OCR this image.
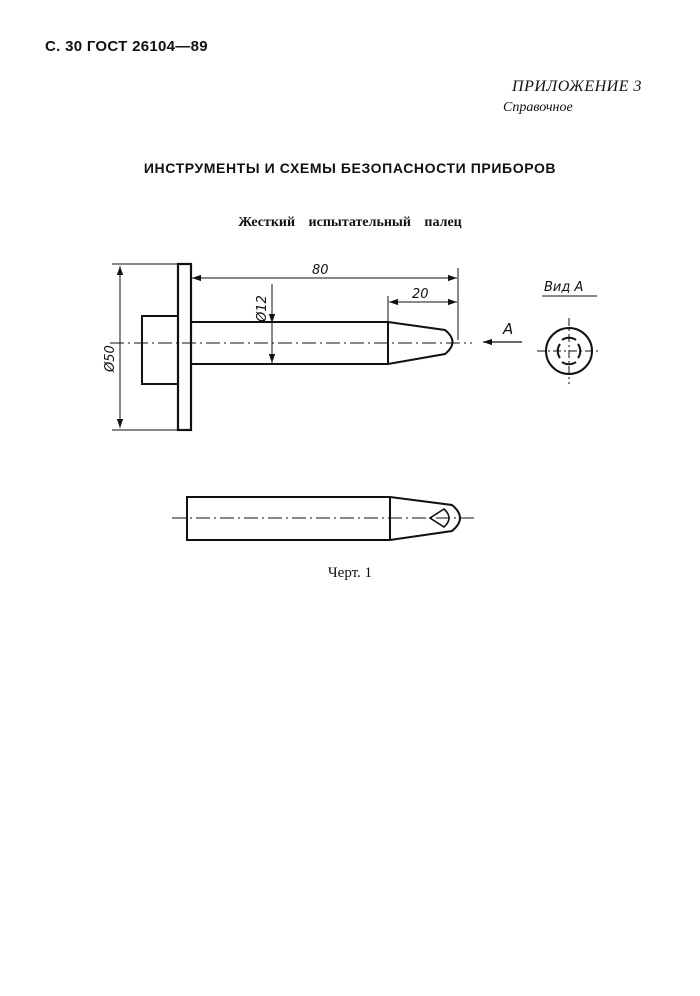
С. 30 ГОСТ 26104—89
ПРИЛОЖЕНИЕ 3
Справочное
ИНСТРУМЕНТЫ И СХЕМЫ БЕЗОПАСНОСТИ ПРИБОРОВ
Жесткий испытательный палец
80
20
Ø12
Ø50
A
Вид A
Черт. 1
